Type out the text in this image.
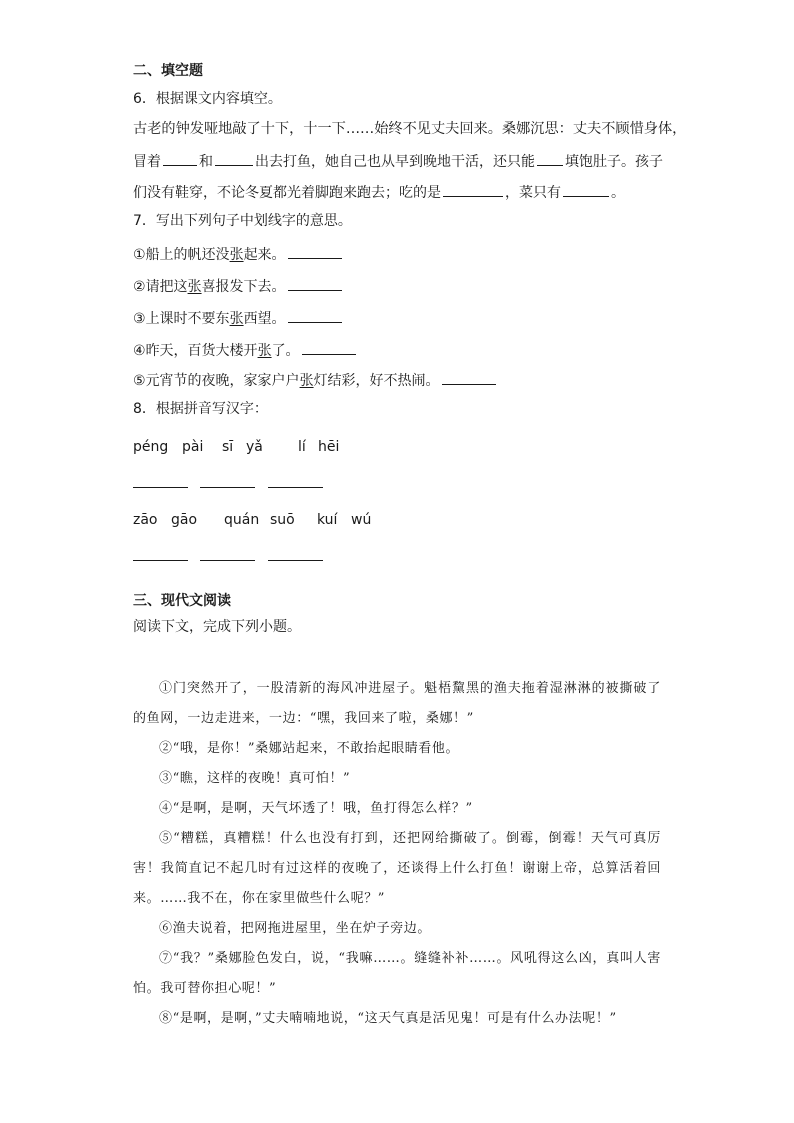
二、填空题
6．根据课文内容填空。
古老的钟发哑地敲了十下，十一下……始终不见丈夫回来。桑娜沉思：丈夫不顾惜身体，
冒着	和	出去打鱼，她自己也从早到晚地干活，还只能 填饱肚子。孩子
们没有鞋穿，不论冬夏都光着脚跑来跑去；吃的是	，菜只有	。
7．写出下列句子中划线字的意思。
①船上的帆还没张起来。
②请把这张喜报发下去。
③上课时不要东张西望。
④昨天，百货大楼开张了。
⑤元宵节的夜晚，家家户户张灯结彩，好不热闹。
8．根据拼音写汉字：
péng pài sī yǎ	lí hēi
zāo gāo quán suō kuí wú
三、现代文阅读
阅读下文，完成下列小题。

①门突然开了，一股清新的海风冲进屋子。魁梧黧黑的渔夫拖着湿淋淋的被撕破了的鱼网，一边走进来，一边：“嘿，我回来了啦，桑娜！”

②“哦，是你！”桑娜站起来，不敢抬起眼睛看他。

③“瞧，这样的夜晚！真可怕！”

④“是啊，是啊，天气坏透了！哦，鱼打得怎么样？”

⑤“糟糕，真糟糕！什么也没有打到，还把网给撕破了。倒霉，倒霉！天气可真厉害！我简直记不起几时有过这样的夜晚了，还谈得上什么打鱼！谢谢上帝，总算活着回来。……我不在，你在家里做些什么呢？”

⑥渔夫说着，把网拖进屋里，坐在炉子旁边。

⑦“我？”桑娜脸色发白，说，“我嘛……。缝缝补补……。风吼得这么凶，真叫人害怕。我可替你担心呢！”

⑧“是啊，是啊，”丈夫喃喃地说，“这天气真是活见鬼！可是有什么办法呢！”
